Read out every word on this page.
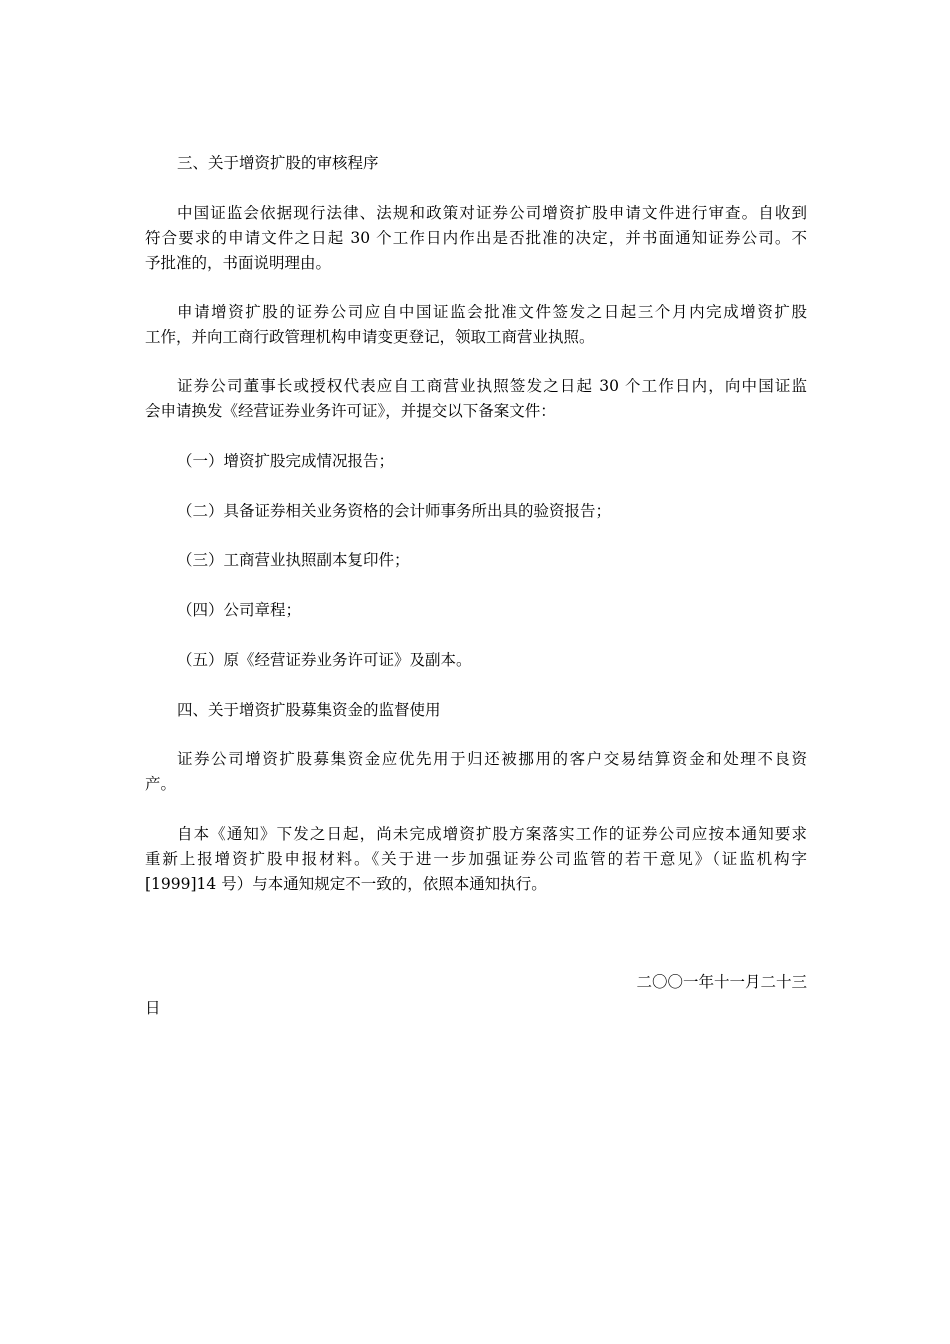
三、关于增资扩股的审核程序
中国证监会依据现行法律、法规和政策对证券公司增资扩股申请文件进行审查。自收到
符合要求的申请文件之日起 30 个工作日内作出是否批准的决定，并书面通知证券公司。不
予批准的，书面说明理由。
申请增资扩股的证券公司应自中国证监会批准文件签发之日起三个月内完成增资扩股
工作，并向工商行政管理机构申请变更登记，领取工商营业执照。
证券公司董事长或授权代表应自工商营业执照签发之日起 30 个工作日内，向中国证监
会申请换发《经营证券业务许可证》，并提交以下备案文件：
（一）增资扩股完成情况报告；
（二）具备证券相关业务资格的会计师事务所出具的验资报告；
（三）工商营业执照副本复印件；
（四）公司章程；
（五）原《经营证券业务许可证》及副本。
四、关于增资扩股募集资金的监督使用
证券公司增资扩股募集资金应优先用于归还被挪用的客户交易结算资金和处理不良资
产。
自本《通知》下发之日起，尚未完成增资扩股方案落实工作的证券公司应按本通知要求
重新上报增资扩股申报材料。《关于进一步加强证券公司监管的若干意见》（证监机构字
[1999]14 号）与本通知规定不一致的，依照本通知执行。
二〇〇一年十一月二十三
日
